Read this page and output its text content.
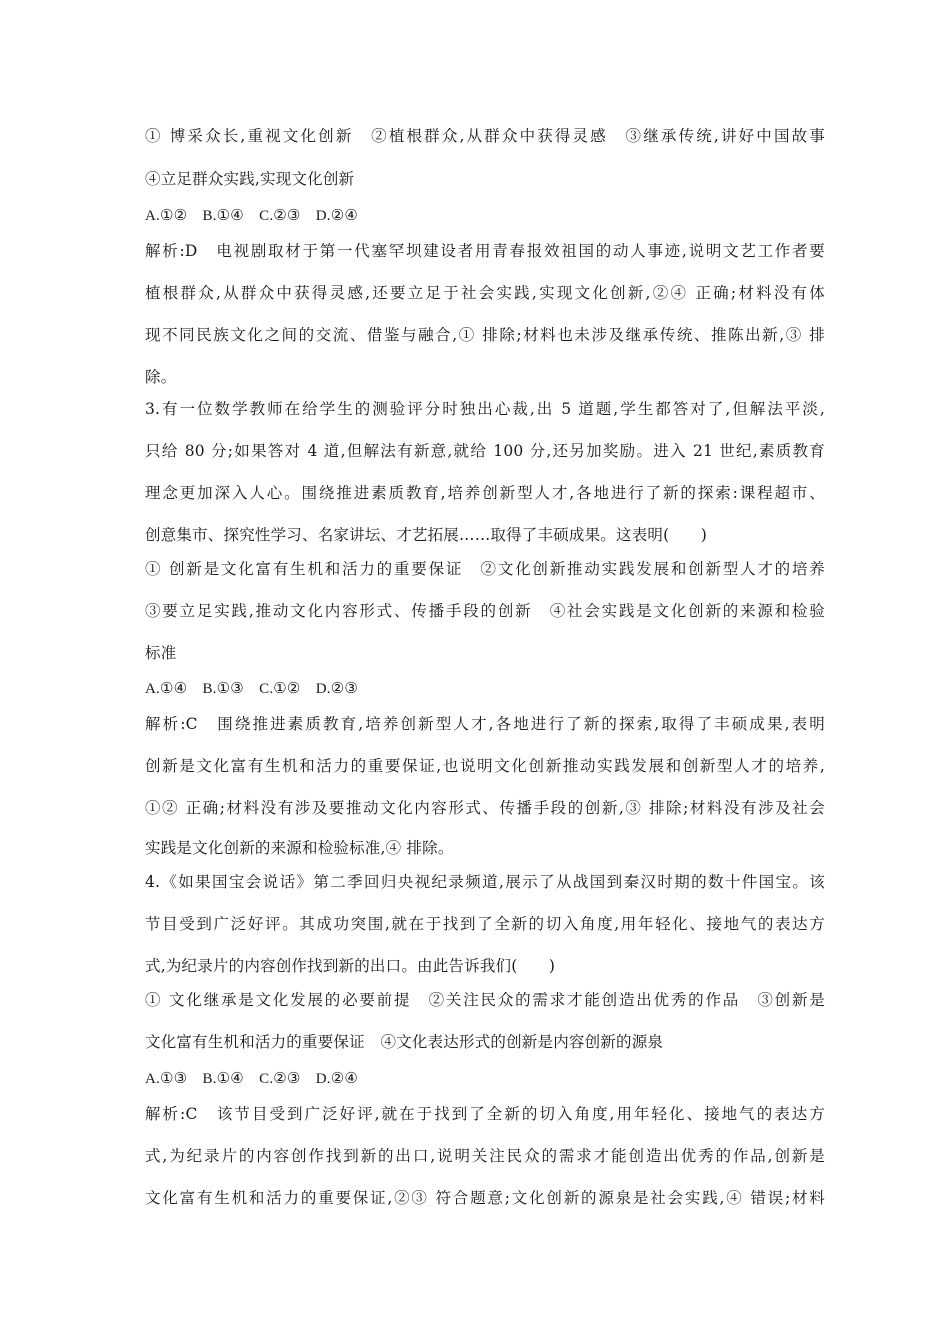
① 博采众长,重视文化创新　②植根群众,从群众中获得灵感　③继承传统,讲好中国故事
④立足群众实践,实现文化创新
A.①②　B.①④　C.②③　D.②④
解析:D　电视剧取材于第一代塞罕坝建设者用青春报效祖国的动人事迹,说明文艺工作者要
植根群众,从群众中获得灵感,还要立足于社会实践,实现文化创新,②④ 正确;材料没有体
现不同民族文化之间的交流、借鉴与融合,① 排除;材料也未涉及继承传统、推陈出新,③ 排
除。
3.有一位数学教师在给学生的测验评分时独出心裁,出 5 道题,学生都答对了,但解法平淡,
只给 80 分;如果答对 4 道,但解法有新意,就给 100 分,还另加奖励。进入 21 世纪,素质教育
理念更加深入人心。围绕推进素质教育,培养创新型人才,各地进行了新的探索:课程超市、
创意集市、探究性学习、名家讲坛、才艺拓展……取得了丰硕成果。这表明(　　)
① 创新是文化富有生机和活力的重要保证　②文化创新推动实践发展和创新型人才的培养
③要立足实践,推动文化内容形式、传播手段的创新　④社会实践是文化创新的来源和检验
标准
A.①④　B.①③　C.①②　D.②③
解析:C　围绕推进素质教育,培养创新型人才,各地进行了新的探索,取得了丰硕成果,表明
创新是文化富有生机和活力的重要保证,也说明文化创新推动实践发展和创新型人才的培养,
①② 正确;材料没有涉及要推动文化内容形式、传播手段的创新,③ 排除;材料没有涉及社会
实践是文化创新的来源和检验标准,④ 排除。
4.《如果国宝会说话》第二季回归央视纪录频道,展示了从战国到秦汉时期的数十件国宝。该
节目受到广泛好评。其成功突围,就在于找到了全新的切入角度,用年轻化、接地气的表达方
式,为纪录片的内容创作找到新的出口。由此告诉我们(　　)
① 文化继承是文化发展的必要前提　②关注民众的需求才能创造出优秀的作品　③创新是
文化富有生机和活力的重要保证　④文化表达形式的创新是内容创新的源泉
A.①③　B.①④　C.②③　D.②④
解析:C　该节目受到广泛好评,就在于找到了全新的切入角度,用年轻化、接地气的表达方
式,为纪录片的内容创作找到新的出口,说明关注民众的需求才能创造出优秀的作品,创新是
文化富有生机和活力的重要保证,②③ 符合题意;文化创新的源泉是社会实践,④ 错误;材料
